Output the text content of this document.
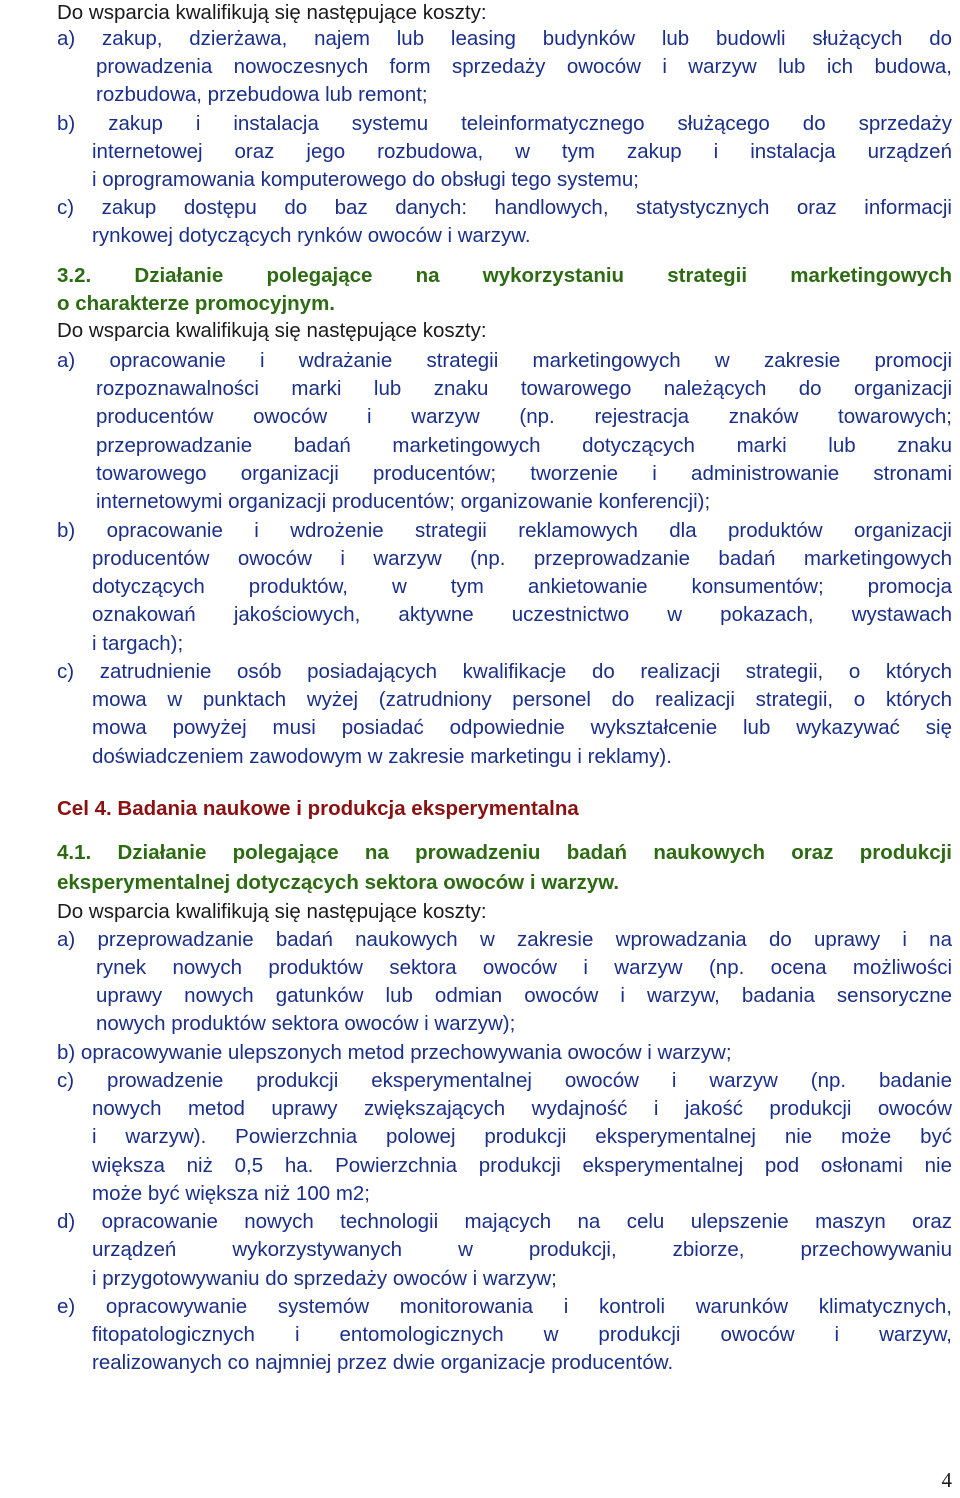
Do wsparcia kwalifikują się następujące koszty:
a) zakup, dzierżawa, najem lub leasing budynków lub budowli służących do
prowadzenia nowoczesnych form sprzedaży owoców i warzyw lub ich budowa,
rozbudowa, przebudowa lub remont;
b) zakup i instalacja systemu teleinformatycznego służącego do sprzedaży
internetowej oraz jego rozbudowa, w tym zakup i instalacja urządzeń
i oprogramowania komputerowego do obsługi tego systemu;
c) zakup dostępu do baz danych: handlowych, statystycznych oraz informacji
rynkowej dotyczących rynków owoców i warzyw.
3.2. Działanie polegające na wykorzystaniu strategii marketingowych
o charakterze promocyjnym.
Do wsparcia kwalifikują się następujące koszty:
a) opracowanie i wdrażanie strategii marketingowych w zakresie promocji
rozpoznawalności marki lub znaku towarowego należących do organizacji
producentów owoców i warzyw (np. rejestracja znaków towarowych;
przeprowadzanie badań marketingowych dotyczących marki lub znaku
towarowego organizacji producentów; tworzenie i administrowanie stronami
internetowymi organizacji producentów; organizowanie konferencji);
b) opracowanie i wdrożenie strategii reklamowych dla produktów organizacji
producentów owoców i warzyw (np. przeprowadzanie badań marketingowych
dotyczących produktów, w tym ankietowanie konsumentów; promocja
oznakowań jakościowych, aktywne uczestnictwo w pokazach, wystawach
i targach);
c) zatrudnienie osób posiadających kwalifikacje do realizacji strategii, o których
mowa w punktach wyżej (zatrudniony personel do realizacji strategii, o których
mowa powyżej musi posiadać odpowiednie wykształcenie lub wykazywać się
doświadczeniem zawodowym w zakresie marketingu i reklamy).
Cel 4. Badania naukowe i produkcja eksperymentalna
4.1. Działanie polegające na prowadzeniu badań naukowych oraz produkcji
eksperymentalnej dotyczących sektora owoców i warzyw.
Do wsparcia kwalifikują się następujące koszty:
a) przeprowadzanie badań naukowych w zakresie wprowadzania do uprawy i na
rynek nowych produktów sektora owoców i warzyw (np. ocena możliwości
uprawy nowych gatunków lub odmian owoców i warzyw, badania sensoryczne
nowych produktów sektora owoców i warzyw);
b) opracowywanie ulepszonych metod przechowywania owoców i warzyw;
c) prowadzenie produkcji eksperymentalnej owoców i warzyw (np. badanie
nowych metod uprawy zwiększających wydajność i jakość produkcji owoców
i warzyw). Powierzchnia polowej produkcji eksperymentalnej nie może być
większa niż 0,5 ha. Powierzchnia produkcji eksperymentalnej pod osłonami nie
może być większa niż 100 m2;
d) opracowanie nowych technologii mających na celu ulepszenie maszyn oraz
urządzeń wykorzystywanych w produkcji, zbiorze, przechowywaniu
i przygotowywaniu do sprzedaży owoców i warzyw;
e) opracowywanie systemów monitorowania i kontroli warunków klimatycznych,
fitopatologicznych i entomologicznych w produkcji owoców i warzyw,
realizowanych co najmniej przez dwie organizacje producentów.
4
